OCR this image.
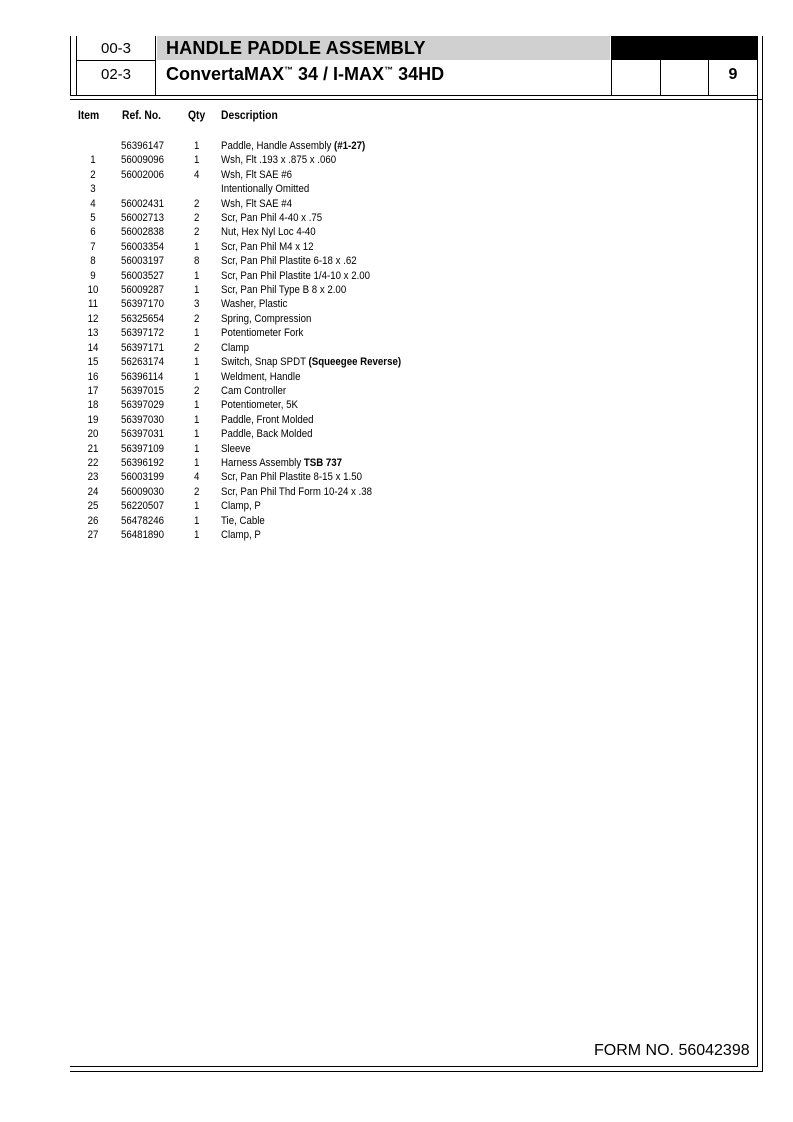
00-3
02-3
HANDLE PADDLE ASSEMBLY
ConvertaMAX™ 34 / I-MAX™ 34HD	9
Item Ref. No. Qty Description
56396147	1 Paddle, Handle Assembly (#1-27)
1	56009096	1 Wsh, Flt .193 x .875 x .060
2	56002006	4 Wsh, Flt SAE #6
3	Intentionally Omitted
4	56002431	2 Wsh, Flt SAE #4
5	56002713	2 Scr, Pan Phil 4-40 x .75
6	56002838	2 Nut, Hex Nyl Loc 4-40
7	56003354	1 Scr, Pan Phil M4 x 12
8	56003197	8 Scr, Pan Phil Plastite 6-18 x .62
9	56003527	1 Scr, Pan Phil Plastite 1/4-10 x 2.00
10 56009287	1 Scr, Pan Phil Type B 8 x 2.00
11 56397170	3 Washer, Plastic
12 56325654	2 Spring, Compression
13 56397172	1 Potentiometer Fork
14 56397171	2 Clamp
15 56263174	1 Switch, Snap SPDT (Squeegee Reverse)
16 56396114	1 Weldment, Handle
17 56397015	2 Cam Controller
18 56397029	1 Potentiometer, 5K
19 56397030	1 Paddle, Front Molded
20 56397031	1 Paddle, Back Molded
21 56397109	1 Sleeve
22 56396192	1 Harness Assembly TSB 737
23 56003199	4 Scr, Pan Phil Plastite 8-15 x 1.50
24 56009030	2 Scr, Pan Phil Thd Form 10-24 x .38
25 56220507	1 Clamp, P
26 56478246	1 Tie, Cable
27 56481890	1 Clamp, P
FORM NO. 56042398
